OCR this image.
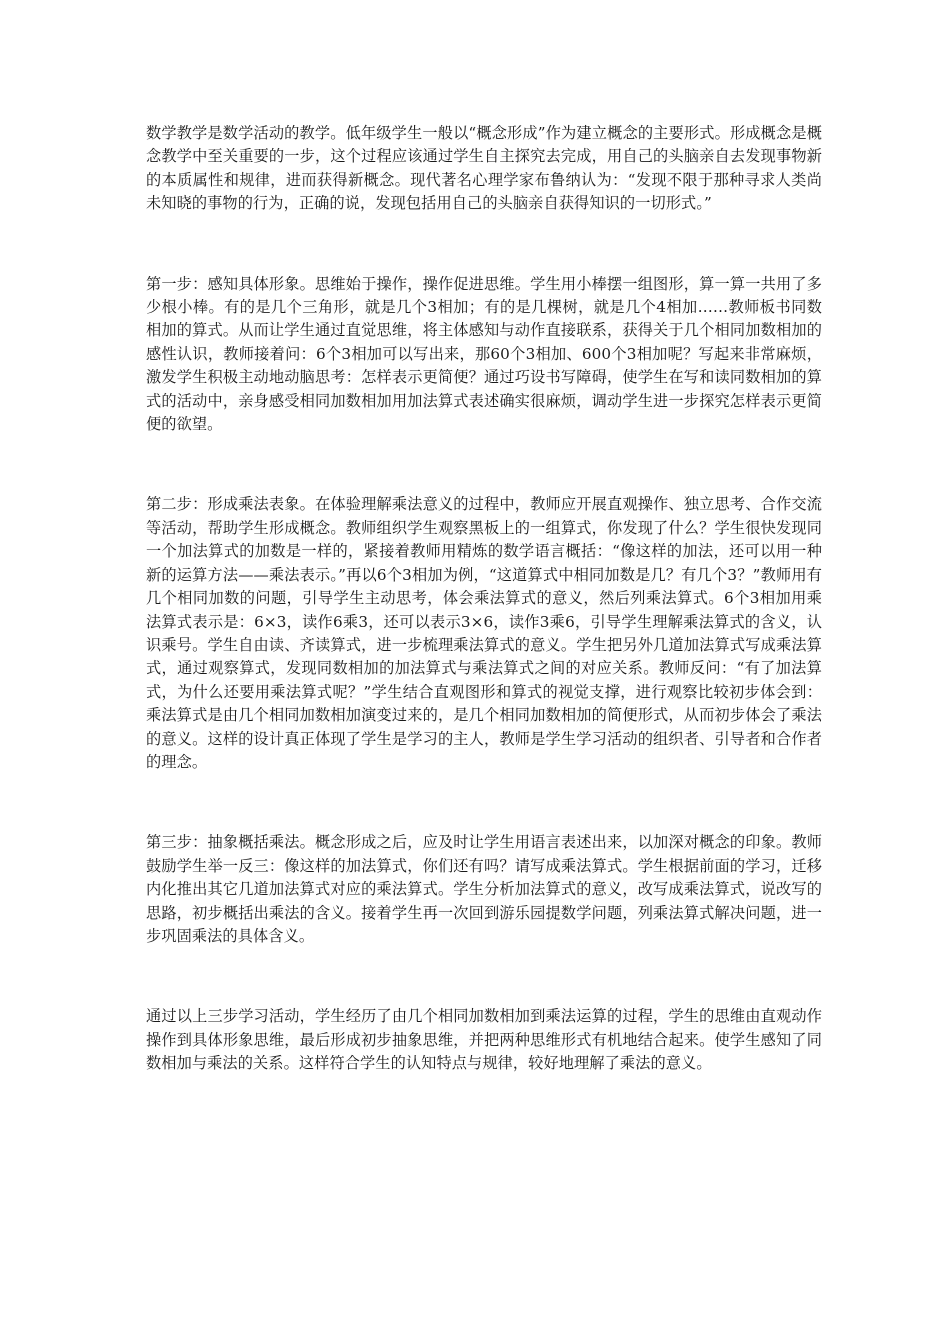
数学教学是数学活动的教学。低年级学生一般以“概念形成”作为建立概念的主要形式。形成概念是概念教学中至关重要的一步，这个过程应该通过学生自主探究去完成，用自己的头脑亲自去发现事物新的本质属性和规律，进而获得新概念。现代著名心理学家布鲁纳认为：“发现不限于那种寻求人类尚未知晓的事物的行为，正确的说，发现包括用自己的头脑亲自获得知识的一切形式。”

第一步：感知具体形象。思维始于操作，操作促进思维。学生用小棒摆一组图形，算一算一共用了多少根小棒。有的是几个三角形，就是几个3相加；有的是几棵树，就是几个4相加……教师板书同数相加的算式。从而让学生通过直觉思维，将主体感知与动作直接联系，获得关于几个相同加数相加的感性认识，教师接着问：6个3相加可以写出来，那60个3相加、600个3相加呢？写起来非常麻烦，激发学生积极主动地动脑思考：怎样表示更简便？通过巧设书写障碍，使学生在写和读同数相加的算式的活动中，亲身感受相同加数相加用加法算式表述确实很麻烦，调动学生进一步探究怎样表示更简便的欲望。

第二步：形成乘法表象。在体验理解乘法意义的过程中，教师应开展直观操作、独立思考、合作交流等活动，帮助学生形成概念。教师组织学生观察黑板上的一组算式，你发现了什么？学生很快发现同一个加法算式的加数是一样的，紧接着教师用精炼的数学语言概括：“像这样的加法，还可以用一种新的运算方法——乘法表示。”再以6个3相加为例，“这道算式中相同加数是几？有几个3？”教师用有几个相同加数的问题，引导学生主动思考，体会乘法算式的意义，然后列乘法算式。6个3相加用乘法算式表示是：6×3，读作6乘3，还可以表示3×6，读作3乘6，引导学生理解乘法算式的含义，认识乘号。学生自由读、齐读算式，进一步梳理乘法算式的意义。学生把另外几道加法算式写成乘法算式，通过观察算式，发现同数相加的加法算式与乘法算式之间的对应关系。教师反问：“有了加法算式，为什么还要用乘法算式呢？”学生结合直观图形和算式的视觉支撑，进行观察比较初步体会到：乘法算式是由几个相同加数相加演变过来的，是几个相同加数相加的简便形式，从而初步体会了乘法的意义。这样的设计真正体现了学生是学习的主人，教师是学生学习活动的组织者、引导者和合作者的理念。

第三步：抽象概括乘法。概念形成之后，应及时让学生用语言表述出来，以加深对概念的印象。教师鼓励学生举一反三：像这样的加法算式，你们还有吗？请写成乘法算式。学生根据前面的学习，迁移内化推出其它几道加法算式对应的乘法算式。学生分析加法算式的意义，改写成乘法算式，说改写的思路，初步概括出乘法的含义。接着学生再一次回到游乐园提数学问题，列乘法算式解决问题，进一步巩固乘法的具体含义。

通过以上三步学习活动，学生经历了由几个相同加数相加到乘法运算的过程，学生的思维由直观动作操作到具体形象思维，最后形成初步抽象思维，并把两种思维形式有机地结合起来。使学生感知了同数相加与乘法的关系。这样符合学生的认知特点与规律，较好地理解了乘法的意义。
